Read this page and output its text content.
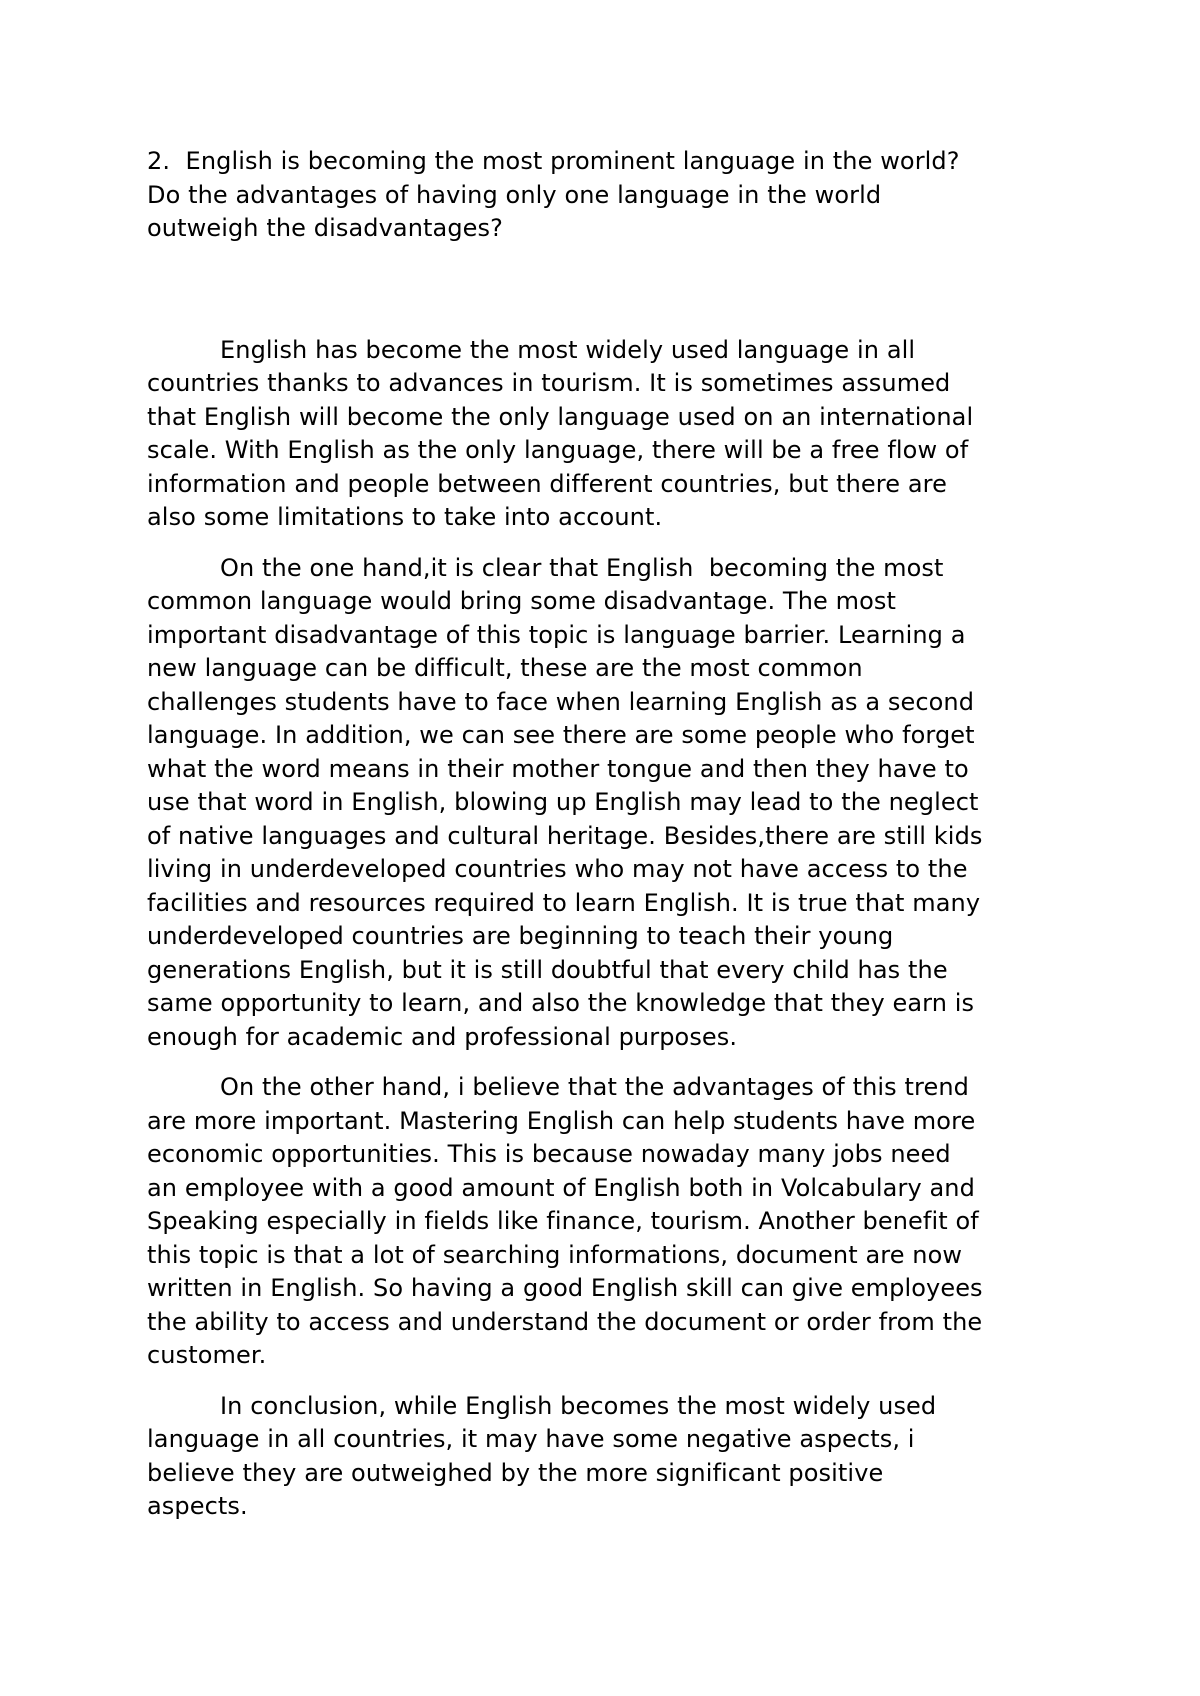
2.  English is becoming the most prominent language in the world?
Do the advantages of having only one language in the world
outweigh the disadvantages?
English has become the most widely used language in all
countries thanks to advances in tourism. It is sometimes assumed
that English will become the only language used on an international
scale. With English as the only language, there will be a free flow of
information and people between different countries, but there are
also some limitations to take into account.
On the one hand,it is clear that English  becoming the most
common language would bring some disadvantage. The most
important disadvantage of this topic is language barrier. Learning a
new language can be difficult, these are the most common
challenges students have to face when learning English as a second
language. In addition, we can see there are some people who forget
what the word means in their mother tongue and then they have to
use that word in English, blowing up English may lead to the neglect
of native languages and cultural heritage. Besides,there are still kids
living in underdeveloped countries who may not have access to the
facilities and resources required to learn English. It is true that many
underdeveloped countries are beginning to teach their young
generations English, but it is still doubtful that every child has the
same opportunity to learn, and also the knowledge that they earn is
enough for academic and professional purposes.
On the other hand, i believe that the advantages of this trend
are more important. Mastering English can help students have more
economic opportunities. This is because nowaday many jobs need
an employee with a good amount of English both in Volcabulary and
Speaking especially in fields like finance, tourism. Another benefit of
this topic is that a lot of searching informations, document are now
written in English. So having a good English skill can give employees
the ability to access and understand the document or order from the
customer.
In conclusion, while English becomes the most widely used
language in all countries, it may have some negative aspects, i
believe they are outweighed by the more significant positive
aspects.
